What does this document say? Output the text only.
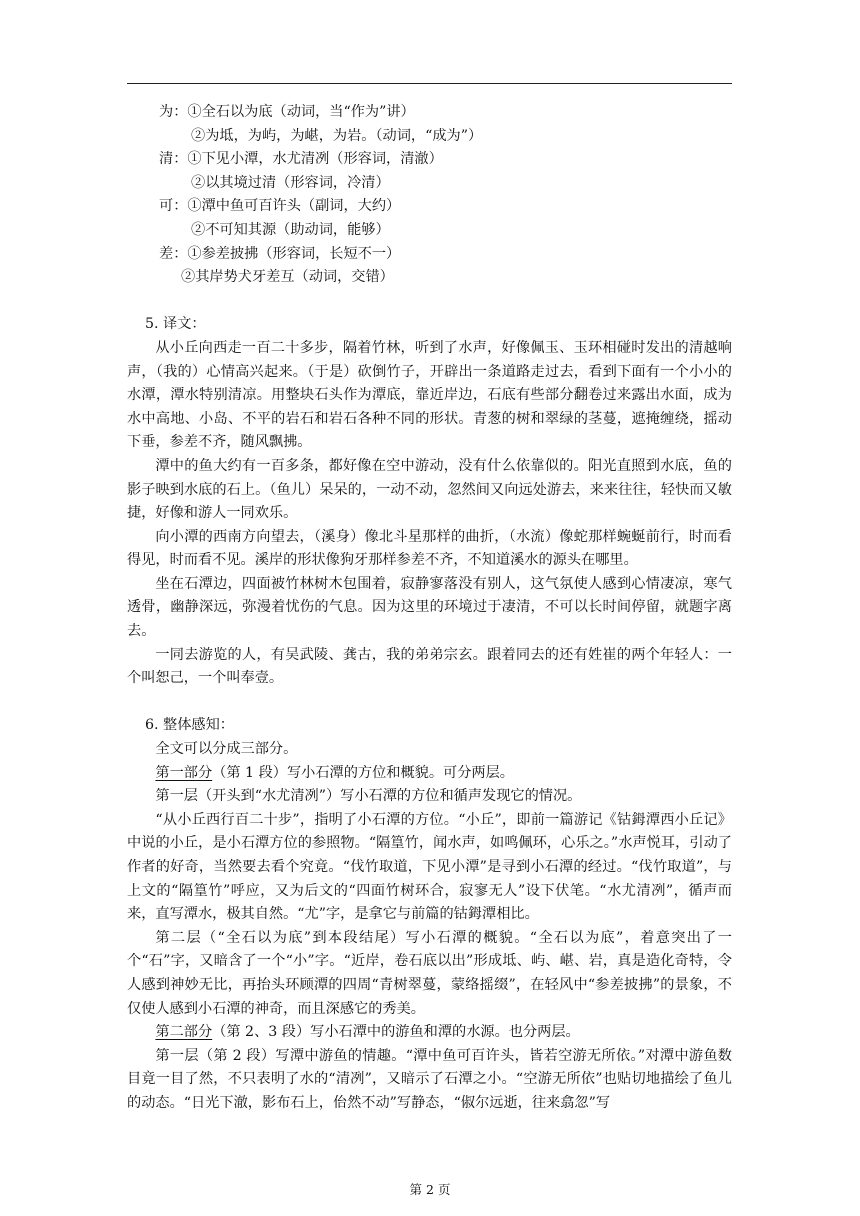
为：①全石以为底（动词，当“作为”讲）
②为坻，为屿，为嵁，为岩。（动词，“成为”）
清：①下见小潭，水尤清冽（形容词，清澈）
②以其境过清（形容词，冷清）
可：①潭中鱼可百许头（副词，大约）
②不可知其源（助动词，能够）
差：①参差披拂（形容词，长短不一）
②其岸势犬牙差互（动词，交错）
5. 译文：
从小丘向西走一百二十多步，隔着竹林，听到了水声，好像佩玉、玉环相碰时发出的清越响声，（我的）心情高兴起来。（于是）砍倒竹子，开辟出一条道路走过去，看到下面有一个小小的水潭，潭水特别清凉。用整块石头作为潭底，靠近岸边，石底有些部分翻卷过来露出水面，成为水中高地、小岛、不平的岩石和岩石各种不同的形状。青葱的树和翠绿的茎蔓，遮掩缠绕，摇动下垂，参差不齐，随风飘拂。
潭中的鱼大约有一百多条，都好像在空中游动，没有什么依靠似的。阳光直照到水底，鱼的影子映到水底的石上。（鱼儿）呆呆的，一动不动，忽然间又向远处游去，来来往往，轻快而又敏捷，好像和游人一同欢乐。
向小潭的西南方向望去，（溪身）像北斗星那样的曲折，（水流）像蛇那样蜿蜒前行，时而看得见，时而看不见。溪岸的形状像狗牙那样参差不齐，不知道溪水的源头在哪里。
坐在石潭边，四面被竹林树木包围着，寂静寥落没有别人，这气氛使人感到心情凄凉，寒气透骨，幽静深远，弥漫着忧伤的气息。因为这里的环境过于凄清，不可以长时间停留，就题字离去。
一同去游览的人，有吴武陵、龚古，我的弟弟宗玄。跟着同去的还有姓崔的两个年轻人：一个叫恕己，一个叫奉壹。
6. 整体感知：
全文可以分成三部分。
第一部分（第 1 段）写小石潭的方位和概貌。可分两层。
第一层（开头到“水尤清冽”）写小石潭的方位和循声发现它的情况。
“从小丘西行百二十步”，指明了小石潭的方位。“小丘”，即前一篇游记《钴鉧潭西小丘记》中说的小丘，是小石潭方位的参照物。“隔篁竹，闻水声，如鸣佩环，心乐之。”水声悦耳，引动了作者的好奇，当然要去看个究竟。“伐竹取道，下见小潭”是寻到小石潭的经过。“伐竹取道”，与上文的“隔篁竹”呼应，又为后文的“四面竹树环合，寂寥无人”设下伏笔。“水尤清冽”，循声而来，直写潭水，极其自然。“尤”字，是拿它与前篇的钴鉧潭相比。
第二层（“全石以为底”到本段结尾）写小石潭的概貌。“全石以为底”，着意突出了一个“石”字，又暗含了一个“小”字。“近岸，卷石底以出”形成坻、屿、嵁、岩，真是造化奇特，令人感到神妙无比，再抬头环顾潭的四周“青树翠蔓，蒙络摇缀”，在轻风中“参差披拂”的景象，不仅使人感到小石潭的神奇，而且深感它的秀美。
第二部分（第 2、3 段）写小石潭中的游鱼和潭的水源。也分两层。
第一层（第 2 段）写潭中游鱼的情趣。“潭中鱼可百许头，皆若空游无所依。”对潭中游鱼数目竟一目了然，不只表明了水的“清冽”，又暗示了石潭之小。“空游无所依”也贴切地描绘了鱼儿的动态。“日光下澈，影布石上，佁然不动”写静态，“俶尔远逝，往来翕忽”写
第 2 页
